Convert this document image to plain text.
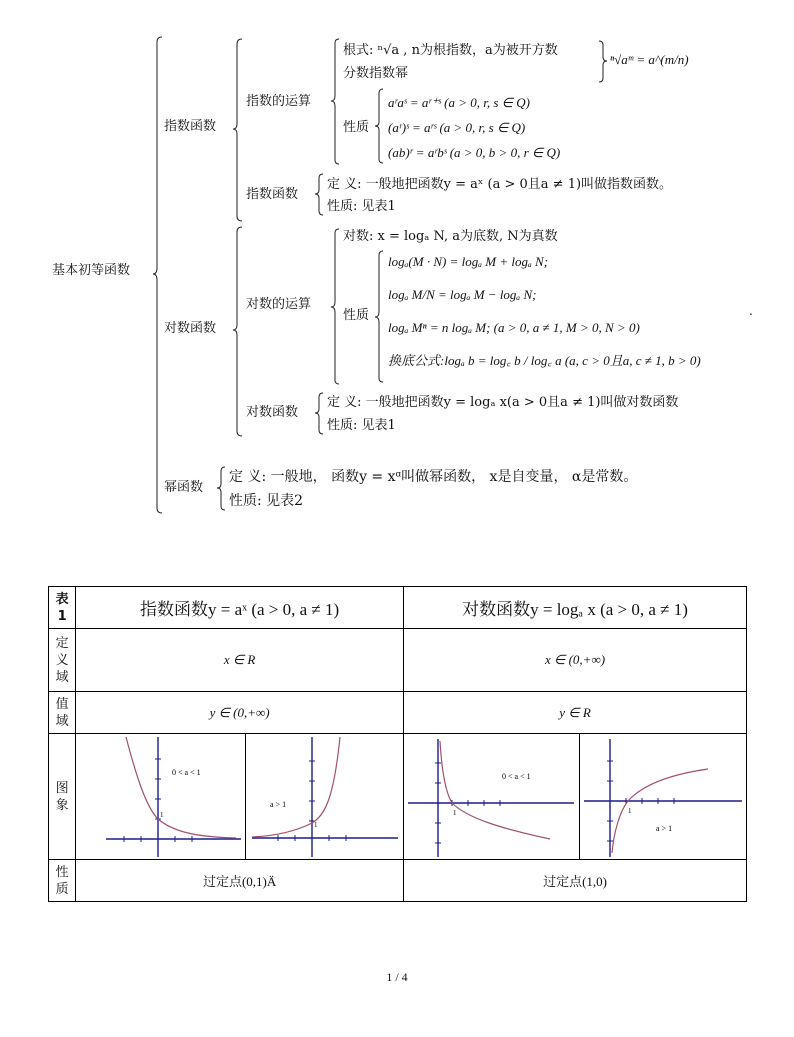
基本初等函数
指数函数
指数的运算
根式: ⁿ√a , n为根指数，a为被开方数
分数指数幂
ⁿ√aᵐ = a^(m/n)
性质
aʳaˢ = aʳ⁺ˢ (a > 0, r, s ∈ Q)
(aʳ)ˢ = aʳˢ (a > 0, r, s ∈ Q)
(ab)ʳ = aʳbˢ (a > 0, b > 0, r ∈ Q)
指数函数
定 义: 一般地把函数y = aˣ (a > 0且a ≠ 1)叫做指数函数。
性质: 见表1
对数函数
对数的运算
对数: x = logₐ N, a为底数, N为真数
性质
logₐ(M · N) = logₐ M + logₐ N;
logₐ M/N = logₐ M − logₐ N;
logₐ Mⁿ = n logₐ M; (a > 0, a ≠ 1, M > 0, N > 0)
换底公式:logₐ b = log꜀ b / log꜀ a (a, c > 0且a, c ≠ 1, b > 0)
对数函数
定 义: 一般地把函数y = logₐ x(a > 0且a ≠ 1)叫做对数函数
性质: 见表1
幂函数
定 义: 一般地， 函数y = xᵅ叫做幂函数， x是自变量， α是常数。
性质: 见表2
.
表
1	指数函数y = aˣ (a > 0, a ≠ 1)		对数函数y = logₐ x (a > 0, a ≠ 1)	
定
义
域	x ∈ R		x ∈ (0,+∞)	
值
域	y ∈ (0,+∞)		y ∈ R	
图
象	0 < a < 1
1	a > 1
1	0 < a < 1
1	a > 1
1

性
质	过定点(0,1)Ä		过定点(1,0)	
1 / 4
